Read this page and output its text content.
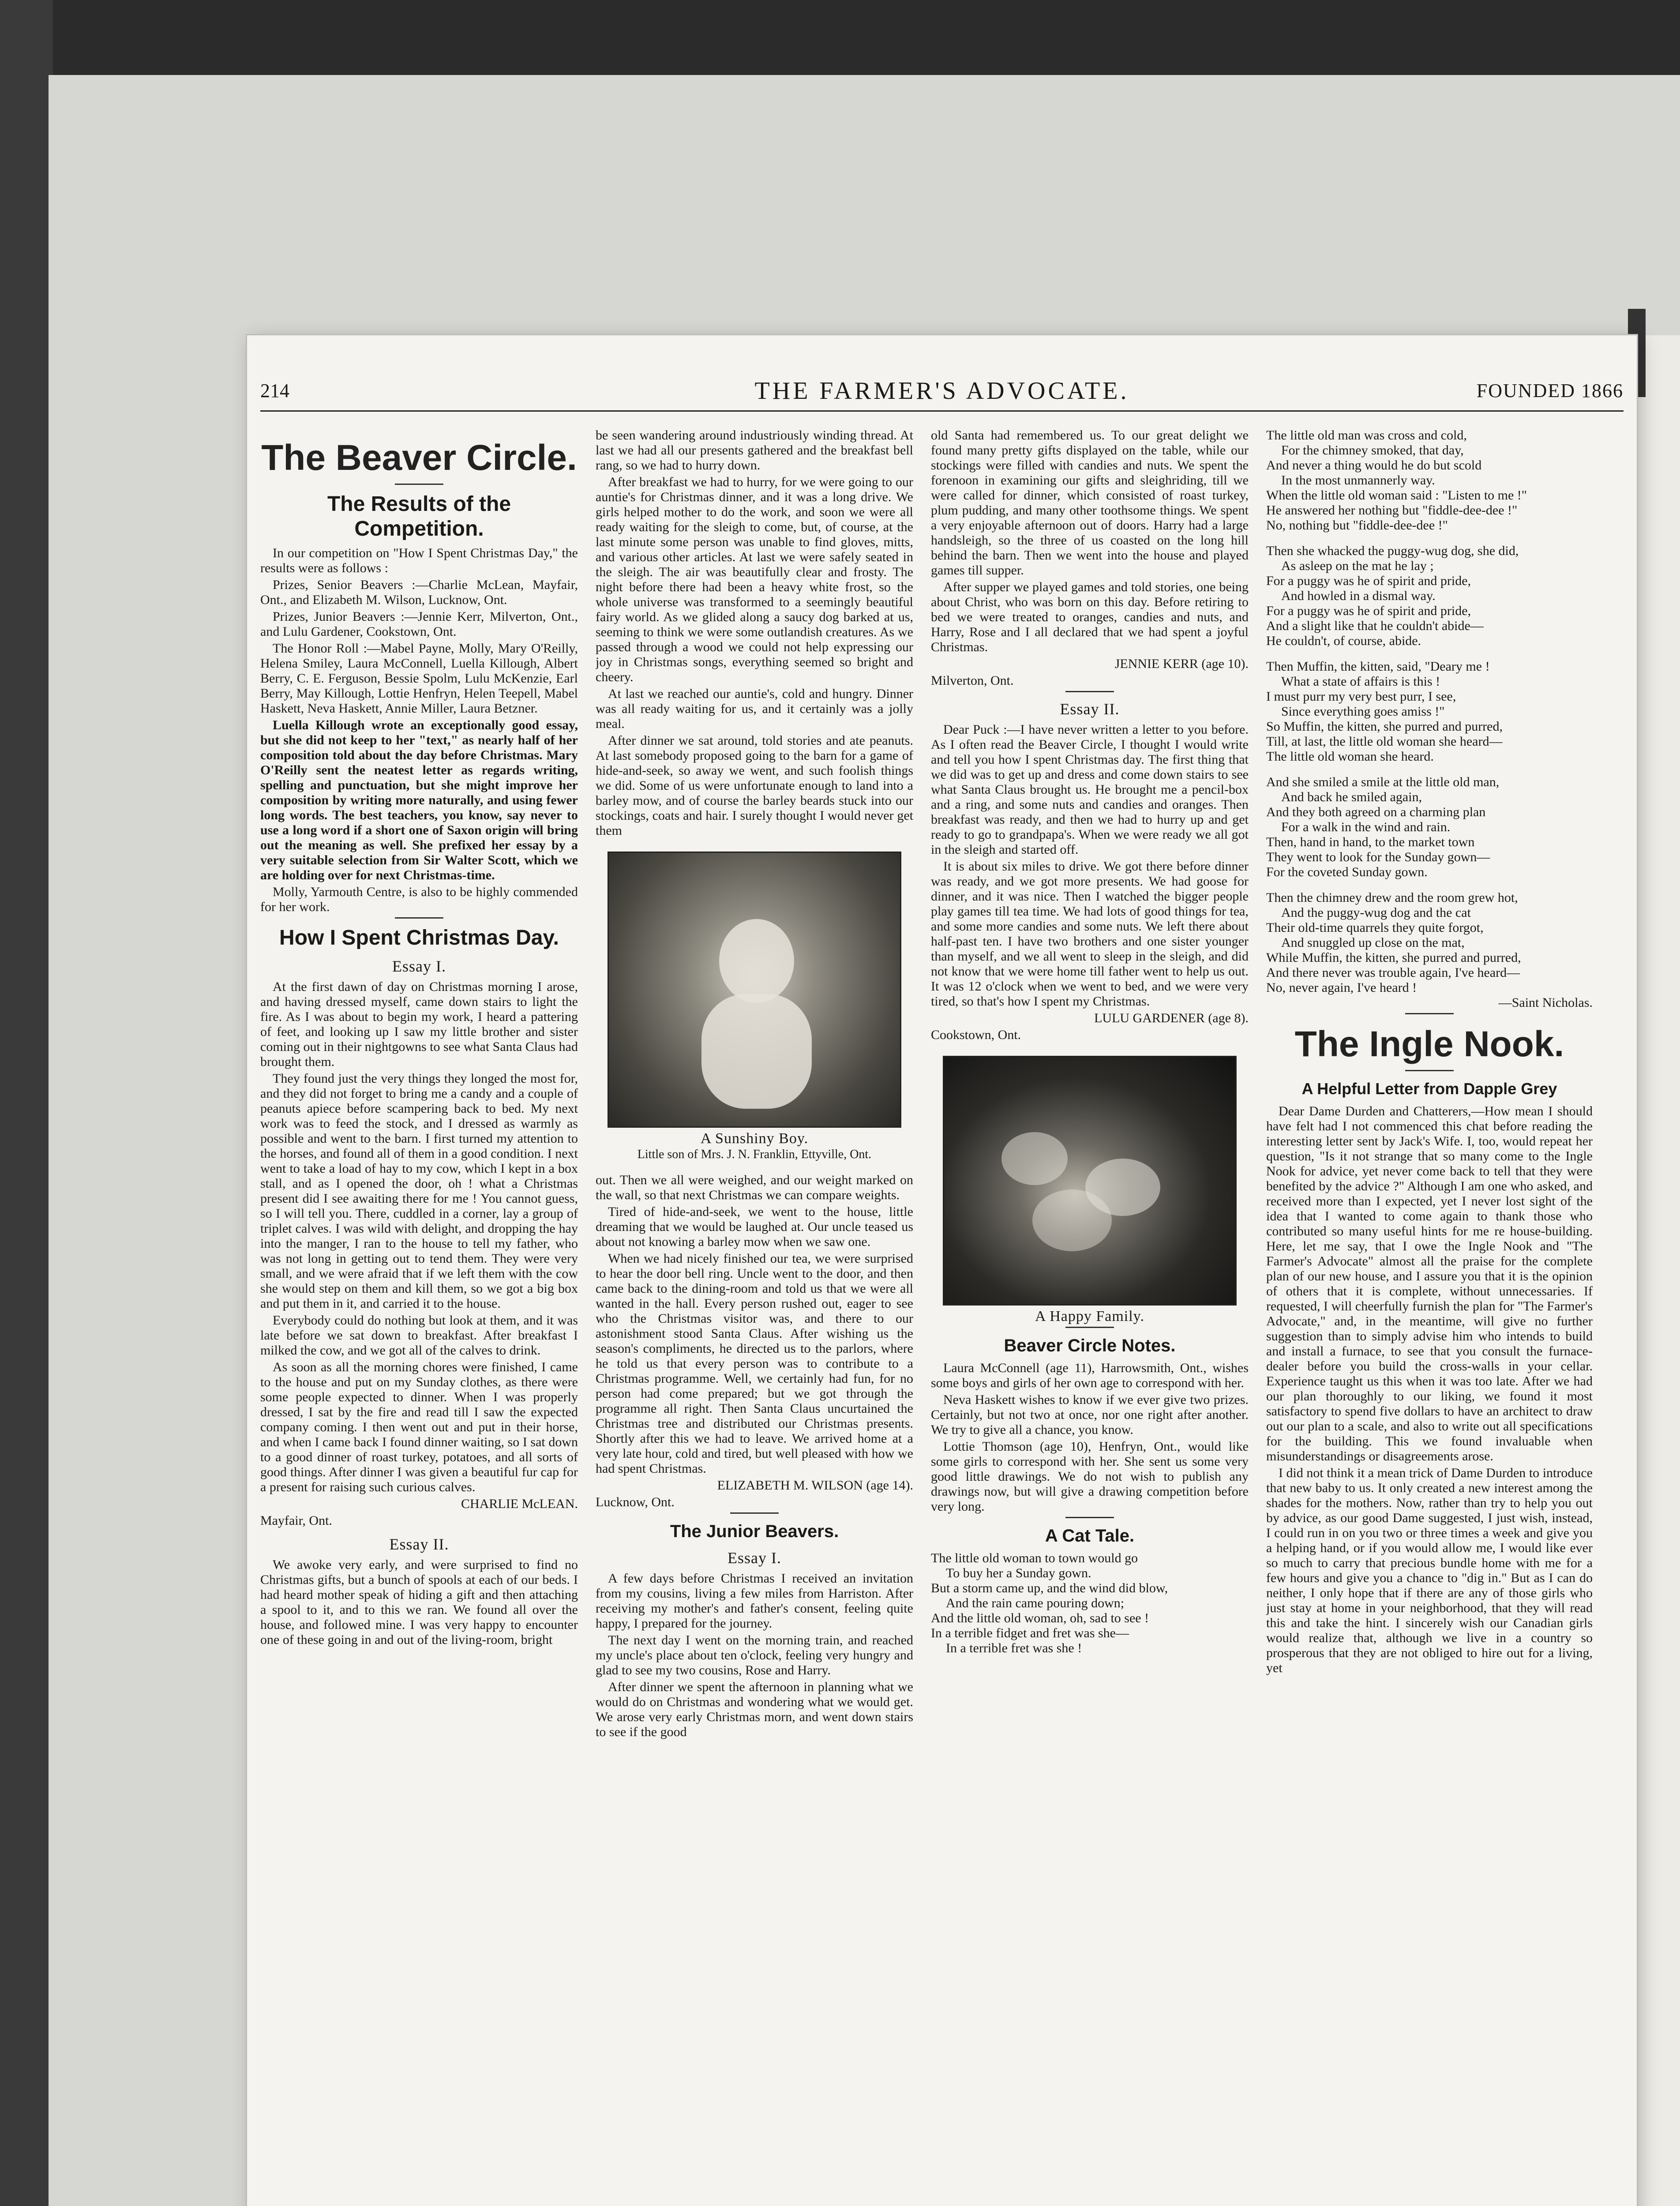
214	THE FARMER'S ADVOCATE.	FOUNDED 1866
The Beaver Circle.
The Results of the Competition.

In our competition on "How I Spent Christmas Day," the results were as follows :

Prizes, Senior Beavers :—Charlie McLean, Mayfair, Ont., and Elizabeth M. Wilson, Lucknow, Ont.

Prizes, Junior Beavers :—Jennie Kerr, Milverton, Ont., and Lulu Gardener, Cookstown, Ont.

The Honor Roll :—Mabel Payne, Molly, Mary O'Reilly, Helena Smiley, Laura McConnell, Luella Killough, Albert Berry, C. E. Ferguson, Bessie Spolm, Lulu McKenzie, Earl Berry, May Killough, Lottie Henfryn, Helen Teepell, Mabel Haskett, Neva Haskett, Annie Miller, Laura Betzner.

Luella Killough wrote an exceptionally good essay, but she did not keep to her "text," as nearly half of her composition told about the day before Christmas. Mary O'Reilly sent the neatest letter as regards writing, spelling and punctuation, but she might improve her composition by writing more naturally, and using fewer long words. The best teachers, you know, say never to use a long word if a short one of Saxon origin will bring out the meaning as well. She prefixed her essay by a very suitable selection from Sir Walter Scott, which we are holding over for next Christmas-time.

Molly, Yarmouth Centre, is also to be highly commended for her work.

How I Spent Christmas Day.
Essay I.

At the first dawn of day on Christmas morning I arose, and having dressed myself, came down stairs to light the fire. As I was about to begin my work, I heard a pattering of feet, and looking up I saw my little brother and sister coming out in their nightgowns to see what Santa Claus had brought them.

They found just the very things they longed the most for, and they did not forget to bring me a candy and a couple of peanuts apiece before scampering back to bed. My next work was to feed the stock, and I dressed as warmly as possible and went to the barn. I first turned my attention to the horses, and found all of them in a good condition. I next went to take a load of hay to my cow, which I kept in a box stall, and as I opened the door, oh ! what a Christmas present did I see awaiting there for me ! You cannot guess, so I will tell you. There, cuddled in a corner, lay a group of triplet calves. I was wild with delight, and dropping the hay into the manger, I ran to the house to tell my father, who was not long in getting out to tend them. They were very small, and we were afraid that if we left them with the cow she would step on them and kill them, so we got a big box and put them in it, and carried it to the house.

Everybody could do nothing but look at them, and it was late before we sat down to breakfast. After breakfast I milked the cow, and we got all of the calves to drink.

As soon as all the morning chores were finished, I came to the house and put on my Sunday clothes, as there were some people expected to dinner. When I was properly dressed, I sat by the fire and read till I saw the expected company coming. I then went out and put in their horse, and when I came back I found dinner waiting, so I sat down to a good dinner of roast turkey, potatoes, and all sorts of good things. After dinner I was given a beautiful fur cap for a present for raising such curious calves.

CHARLIE McLEAN.

Mayfair, Ont.

Essay II.

We awoke very early, and were surprised to find no Christmas gifts, but a bunch of spools at each of our beds. I had heard mother speak of hiding a gift and then attaching a spool to it, and to this we ran. We found all over the house, and followed mine. I was very happy to encounter one of these going in and out of the living-room, bright

be seen wandering around industriously winding thread. At last we had all our presents gathered and the breakfast bell rang, so we had to hurry down.

After breakfast we had to hurry, for we were going to our auntie's for Christmas dinner, and it was a long drive. We girls helped mother to do the work, and soon we were all ready waiting for the sleigh to come, but, of course, at the last minute some person was unable to find gloves, mitts, and various other articles. At last we were safely seated in the sleigh. The air was beautifully clear and frosty. The night before there had been a heavy white frost, so the whole universe was transformed to a seemingly beautiful fairy world. As we glided along a saucy dog barked at us, seeming to think we were some outlandish creatures. As we passed through a wood we could not help expressing our joy in Christmas songs, everything seemed so bright and cheery.

At last we reached our auntie's, cold and hungry. Dinner was all ready waiting for us, and it certainly was a jolly meal.

After dinner we sat around, told stories and ate peanuts. At last somebody proposed going to the barn for a game of hide-and-seek, so away we went, and such foolish things we did. Some of us were unfortunate enough to land into a barley mow, and of course the barley beards stuck into our stockings, coats and hair. I surely thought I would never get them

A Sunshiny Boy.
Little son of Mrs. J. N. Franklin, Ettyville, Ont.

out. Then we all were weighed, and our weight marked on the wall, so that next Christmas we can compare weights.

Tired of hide-and-seek, we went to the house, little dreaming that we would be laughed at. Our uncle teased us about not knowing a barley mow when we saw one.

When we had nicely finished our tea, we were surprised to hear the door bell ring. Uncle went to the door, and then came back to the dining-room and told us that we were all wanted in the hall. Every person rushed out, eager to see who the Christmas visitor was, and there to our astonishment stood Santa Claus. After wishing us the season's compliments, he directed us to the parlors, where he told us that every person was to contribute to a Christmas programme. Well, we certainly had fun, for no person had come prepared; but we got through the programme all right. Then Santa Claus uncurtained the Christmas tree and distributed our Christmas presents. Shortly after this we had to leave. We arrived home at a very late hour, cold and tired, but well pleased with how we had spent Christmas.

ELIZABETH M. WILSON (age 14).

Lucknow, Ont.

The Junior Beavers.
Essay I.

A few days before Christmas I received an invitation from my cousins, living a few miles from Harriston. After receiving my mother's and father's consent, feeling quite happy, I prepared for the journey.

The next day I went on the morning train, and reached my uncle's place about ten o'clock, feeling very hungry and glad to see my two cousins, Rose and Harry.

After dinner we spent the afternoon in planning what we would do on Christmas and wondering what we would get. We arose very early Christmas morn, and went down stairs to see if the good

old Santa had remembered us. To our great delight we found many pretty gifts displayed on the table, while our stockings were filled with candies and nuts. We spent the forenoon in examining our gifts and sleighriding, till we were called for dinner, which consisted of roast turkey, plum pudding, and many other toothsome things. We spent a very enjoyable afternoon out of doors. Harry had a large handsleigh, so the three of us coasted on the long hill behind the barn. Then we went into the house and played games till supper.

After supper we played games and told stories, one being about Christ, who was born on this day. Before retiring to bed we were treated to oranges, candies and nuts, and Harry, Rose and I all declared that we had spent a joyful Christmas.

JENNIE KERR (age 10).

Milverton, Ont.

Essay II.

Dear Puck :—I have never written a letter to you before. As I often read the Beaver Circle, I thought I would write and tell you how I spent Christmas day. The first thing that we did was to get up and dress and come down stairs to see what Santa Claus brought us. He brought me a pencil-box and a ring, and some nuts and candies and oranges. Then breakfast was ready, and then we had to hurry up and get ready to go to grandpapa's. When we were ready we all got in the sleigh and started off.

It is about six miles to drive. We got there before dinner was ready, and we got more presents. We had goose for dinner, and it was nice. Then I watched the bigger people play games till tea time. We had lots of good things for tea, and some more candies and some nuts. We left there about half-past ten. I have two brothers and one sister younger than myself, and we all went to sleep in the sleigh, and did not know that we were home till father went to help us out. It was 12 o'clock when we went to bed, and we were very tired, so that's how I spent my Christmas.

LULU GARDENER (age 8).

Cookstown, Ont.

A Happy Family.
Beaver Circle Notes.

Laura McConnell (age 11), Harrowsmith, Ont., wishes some boys and girls of her own age to correspond with her.

Neva Haskett wishes to know if we ever give two prizes. Certainly, but not two at once, nor one right after another. We try to give all a chance, you know.

Lottie Thomson (age 10), Henfryn, Ont., would like some girls to correspond with her. She sent us some very good little drawings. We do not wish to publish any drawings now, but will give a drawing competition before very long.

A Cat Tale.

The little old woman to town would go

To buy her a Sunday gown.

But a storm came up, and the wind did blow,

And the rain came pouring down;

And the little old woman, oh, sad to see !

In a terrible fidget and fret was she—

In a terrible fret was she !

The little old man was cross and cold,

For the chimney smoked, that day,

And never a thing would he do but scold

In the most unmannerly way.

When the little old woman said : "Listen to me !"

He answered her nothing but "fiddle-dee-dee !"

No, nothing but "fiddle-dee-dee !"

Then she whacked the puggy-wug dog, she did,

As asleep on the mat he lay ;

For a puggy was he of spirit and pride,

And howled in a dismal way.

For a puggy was he of spirit and pride,

And a slight like that he couldn't abide—

He couldn't, of course, abide.

Then Muffin, the kitten, said, "Deary me !

What a state of affairs is this !

I must purr my very best purr, I see,

Since everything goes amiss !"

So Muffin, the kitten, she purred and purred,

Till, at last, the little old woman she heard—

The little old woman she heard.

And she smiled a smile at the little old man,

And back he smiled again,

And they both agreed on a charming plan

For a walk in the wind and rain.

Then, hand in hand, to the market town

They went to look for the Sunday gown—

For the coveted Sunday gown.

Then the chimney drew and the room grew hot,

And the puggy-wug dog and the cat

Their old-time quarrels they quite forgot,

And snuggled up close on the mat,

While Muffin, the kitten, she purred and purred,

And there never was trouble again, I've heard—

No, never again, I've heard !

—Saint Nicholas.

The Ingle Nook.
A Helpful Letter from Dapple Grey

Dear Dame Durden and Chatterers,—How mean I should have felt had I not commenced this chat before reading the interesting letter sent by Jack's Wife. I, too, would repeat her question, "Is it not strange that so many come to the Ingle Nook for advice, yet never come back to tell that they were benefited by the advice ?" Although I am one who asked, and received more than I expected, yet I never lost sight of the idea that I wanted to come again to thank those who contributed so many useful hints for me re house-building. Here, let me say, that I owe the Ingle Nook and "The Farmer's Advocate" almost all the praise for the complete plan of our new house, and I assure you that it is the opinion of others that it is complete, without unnecessaries. If requested, I will cheerfully furnish the plan for "The Farmer's Advocate," and, in the meantime, will give no further suggestion than to simply advise him who intends to build and install a furnace, to see that you consult the furnace-dealer before you build the cross-walls in your cellar. Experience taught us this when it was too late. After we had our plan thoroughly to our liking, we found it most satisfactory to spend five dollars to have an architect to draw out our plan to a scale, and also to write out all specifications for the building. This we found invaluable when misunderstandings or disagreements arose.

I did not think it a mean trick of Dame Durden to introduce that new baby to us. It only created a new interest among the shades for the mothers. Now, rather than try to help you out by advice, as our good Dame suggested, I just wish, instead, I could run in on you two or three times a week and give you a helping hand, or if you would allow me, I would like ever so much to carry that precious bundle home with me for a few hours and give you a chance to "dig in." But as I can do neither, I only hope that if there are any of those girls who just stay at home in your neighborhood, that they will read this and take the hint. I sincerely wish our Canadian girls would realize that, although we live in a country so prosperous that they are not obliged to hire out for a living, yet
